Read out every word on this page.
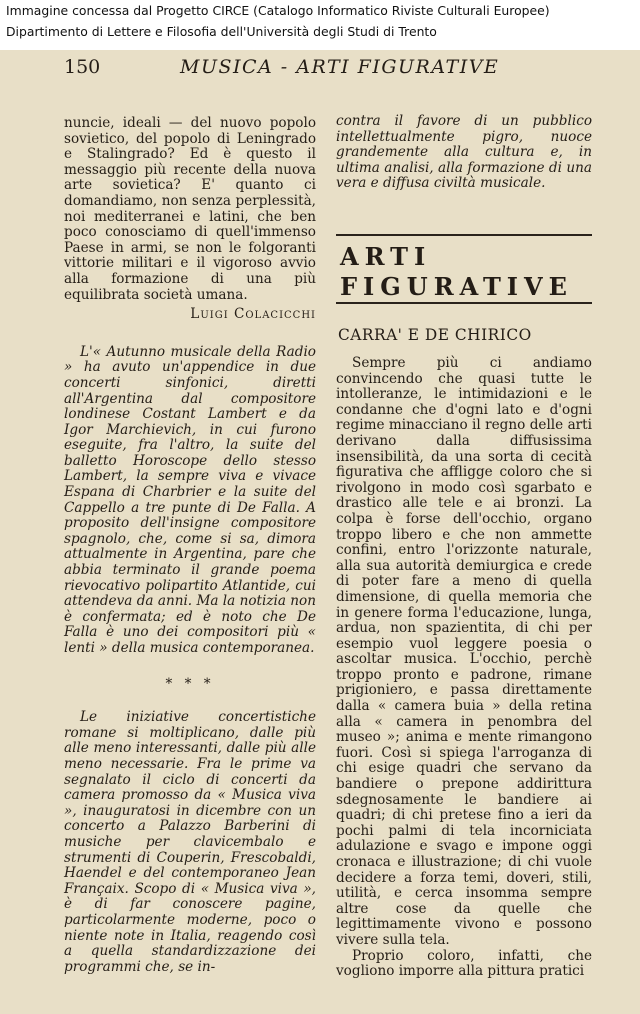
Immagine concessa dal Progetto CIRCE (Catalogo Informatico Riviste Culturali Europee)
Dipartimento di Lettere e Filosofia dell'Università degli Studi di Trento
150	MUSICA - ARTI FIGURATIVE

nuncie, ideali — del nuovo popolo sovietico, del popolo di Leningrado e Stalingrado? Ed è questo il messaggio più recente della nuova arte sovietica? E' quanto ci domandiamo, non senza perplessità, noi mediterranei e latini, che ben poco conosciamo di quell'immenso Paese in armi, se non le folgoranti vittorie militari e il vigoroso avvio alla formazione di una più equilibrata società umana.

Luigi Colacicchi

L'« Autunno musicale della Radio » ha avuto un'appendice in due concerti sinfonici, diretti all'Argentina dal compositore londinese Costant Lambert e da Igor Marchievich, in cui furono eseguite, fra l'altro, la suite del balletto Horoscope dello stesso Lambert, la sempre viva e vivace Espana di Charbrier e la suite del Cappello a tre punte di De Falla. A proposito dell'insigne compositore spagnolo, che, come si sa, dimora attualmente in Argentina, pare che abbia terminato il grande poema rievocativo polipartito Atlantide, cui attendeva da anni. Ma la notizia non è confermata; ed è noto che De Falla è uno dei compositori più « lenti » della musica contemporanea.

* * *

Le iniziative concertistiche romane si moltiplicano, dalle più alle meno interessanti, dalle più alle meno necessarie. Fra le prime va segnalato il ciclo di concerti da camera promosso da « Musica viva », inauguratosi in dicembre con un concerto a Palazzo Barberini di musiche per clavicembalo e strumenti di Couperin, Frescobaldi, Haendel e del contemporaneo Jean Françaix. Scopo di « Musica viva », è di far conoscere pagine, particolarmente moderne, poco o niente note in Italia, reagendo così a quella standardizzazione dei programmi che, se in-

contra il favore di un pubblico intellettualmente pigro, nuoce grandemente alla cultura e, in ultima analisi, alla formazione di una vera e diffusa civiltà musicale.

ARTI
FIGURATIVE
CARRA' E DE CHIRICO

Sempre più ci andiamo convincendo che quasi tutte le intolleranze, le intimidazioni e le condanne che d'ogni lato e d'ogni regime minacciano il regno delle arti derivano dalla diffusissima insensibilità, da una sorta di cecità figurativa che affligge coloro che si rivolgono in modo così sgarbato e drastico alle tele e ai bronzi. La colpa è forse dell'occhio, organo troppo libero e che non ammette confini, entro l'orizzonte naturale, alla sua autorità demiurgica e crede di poter fare a meno di quella dimensione, di quella memoria che in genere forma l'educazione, lunga, ardua, non spazientita, di chi per esempio vuol leggere poesia o ascoltar musica. L'occhio, perchè troppo pronto e padrone, rimane prigioniero, e passa direttamente dalla « camera buia » della retina alla « camera in penombra del museo »; anima e mente rimangono fuori. Così si spiega l'arroganza di chi esige quadri che servano da bandiere o prepone addirittura sdegnosamente le bandiere ai quadri; di chi pretese fino a ieri da pochi palmi di tela incorniciata adulazione e svago e impone oggi cronaca e illustrazione; di chi vuole decidere a forza temi, doveri, stili, utilità, e cerca insomma sempre altre cose da quelle che legittimamente vivono e possono vivere sulla tela.

Proprio coloro, infatti, che vogliono imporre alla pittura pratici
